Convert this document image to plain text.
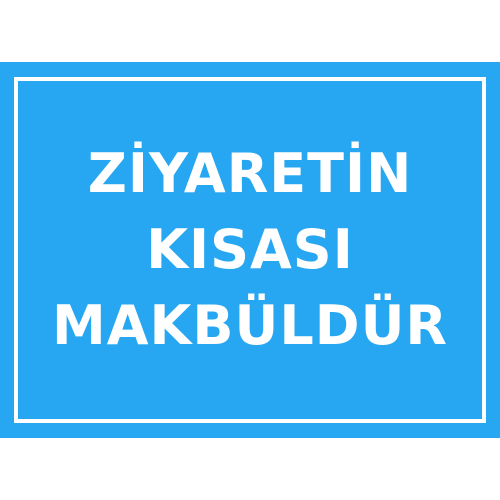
ZİYARETİN
KISASI
MAKBÜLDÜR
